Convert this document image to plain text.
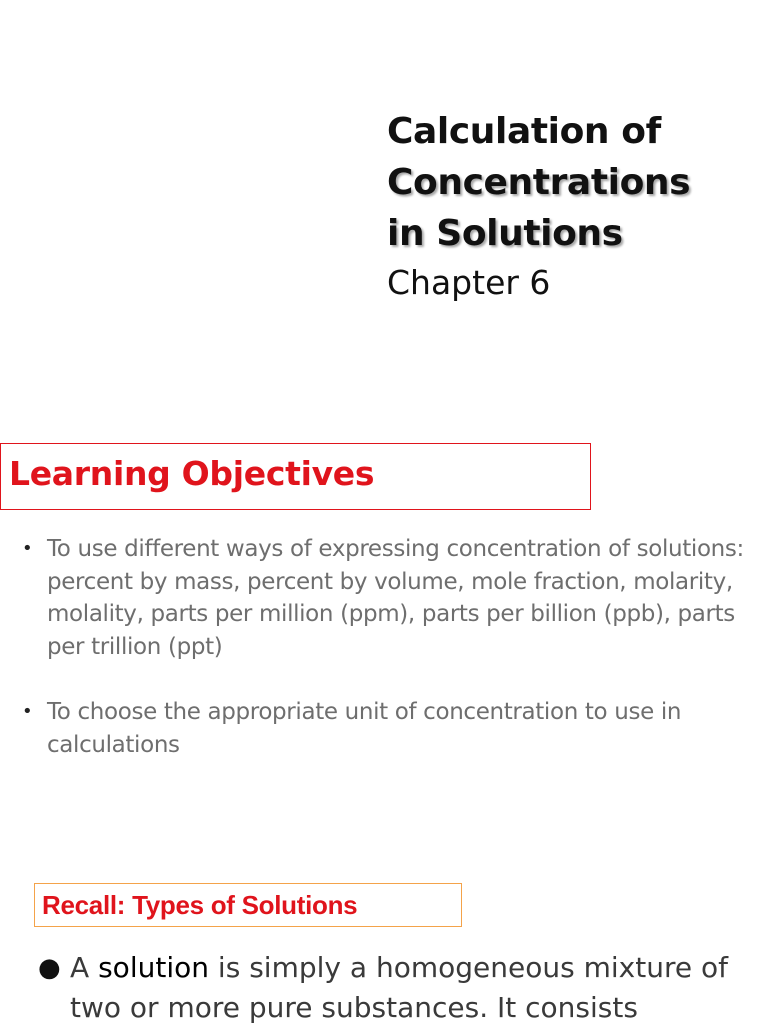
Calculation of
Concentrations
in Solutions
Chapter 6
Learning Objectives
• To use different ways of expressing concentration of solutions: percent by mass, percent by volume, mole fraction, molarity, molality, parts per million (ppm), parts per billion (ppb), parts per trillion (ppt)
• To choose the appropriate unit of concentration to use in calculations
Recall: Types of Solutions
● A solution is simply a homogeneous mixture of two or more pure substances. It consists
